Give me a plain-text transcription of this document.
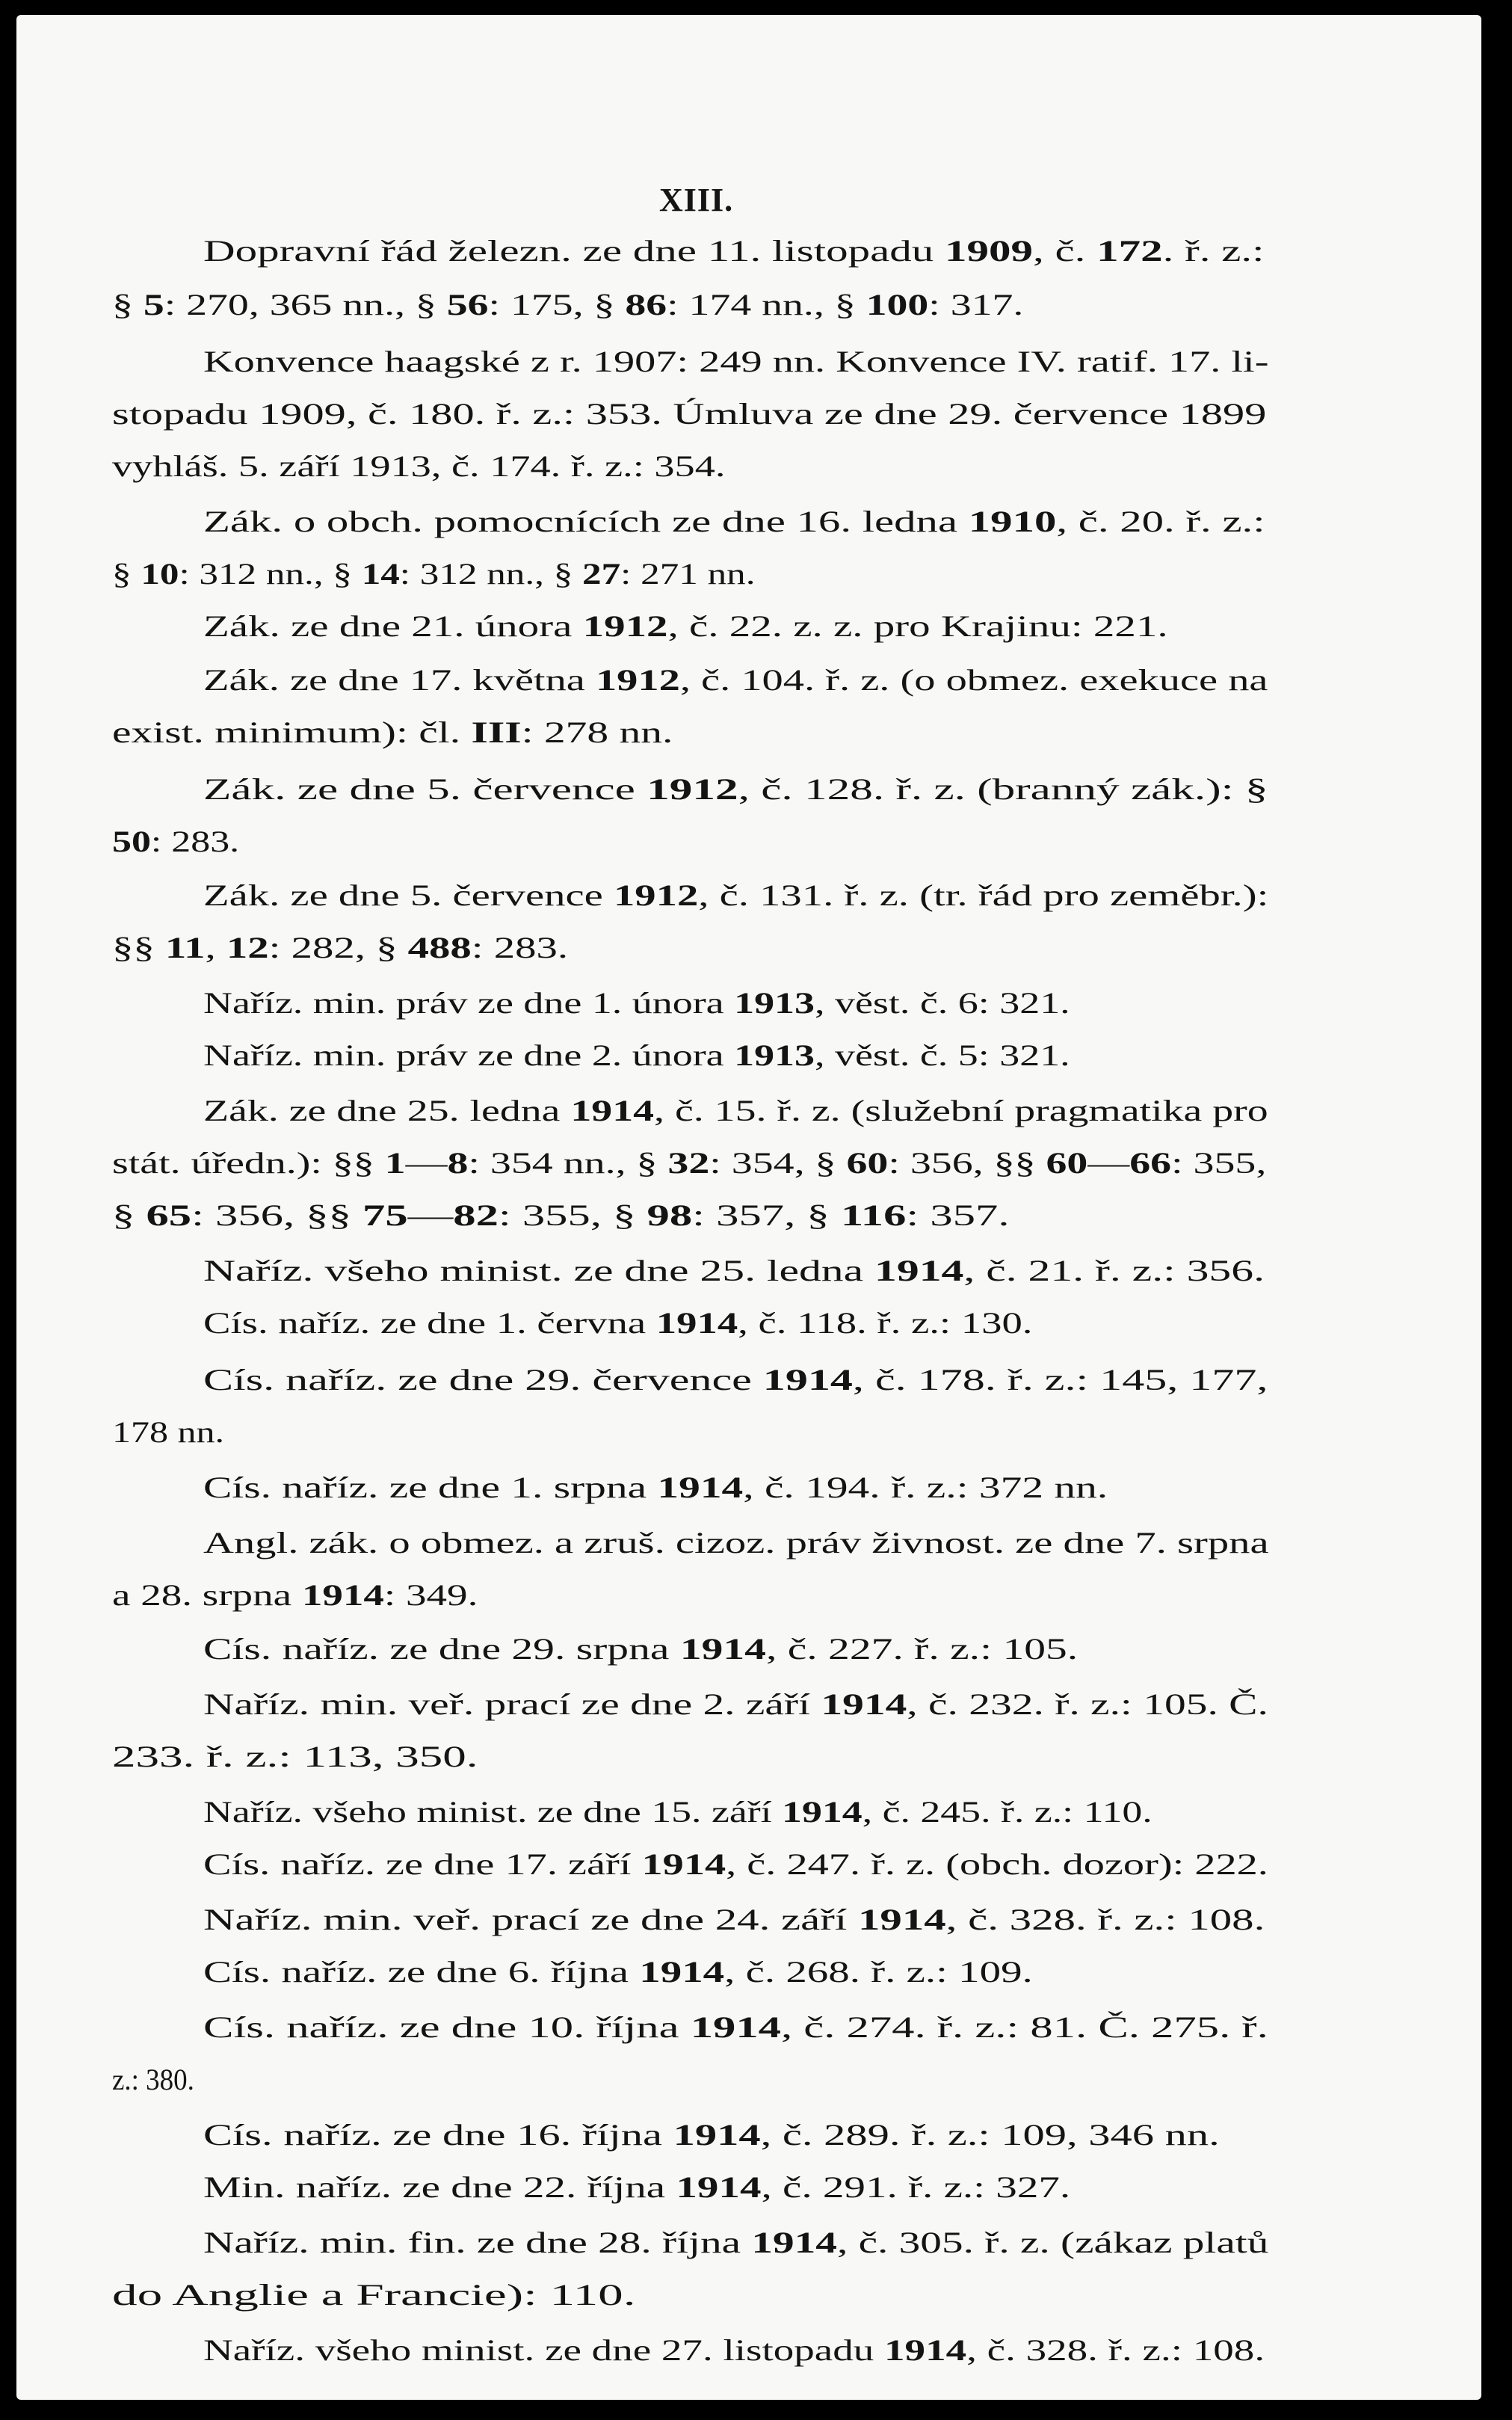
XIII.
Dopravní řád železn. ze dne 11. listopadu 1909, č. 172. ř. z.:
§ 5: 270, 365 nn., § 56: 175, § 86: 174 nn., § 100: 317.
Konvence haagské z r. 1907: 249 nn. Konvence IV. ratif. 17. li-
stopadu 1909, č. 180. ř. z.: 353. Úmluva ze dne 29. července 1899
vyhláš. 5. září 1913, č. 174. ř. z.: 354.
Zák. o obch. pomocnících ze dne 16. ledna 1910, č. 20. ř. z.:
§ 10: 312 nn., § 14: 312 nn., § 27: 271 nn.
Zák. ze dne 21. února 1912, č. 22. z. z. pro Krajinu: 221.
Zák. ze dne 17. května 1912, č. 104. ř. z. (o obmez. exekuce na
exist. minimum): čl. III: 278 nn.
Zák. ze dne 5. července 1912, č. 128. ř. z. (branný zák.): §
50: 283.
Zák. ze dne 5. července 1912, č. 131. ř. z. (tr. řád pro zeměbr.):
§§ 11, 12: 282, § 488: 283.
Naříz. min. práv ze dne 1. února 1913, věst. č. 6: 321.
Naříz. min. práv ze dne 2. února 1913, věst. č. 5: 321.
Zák. ze dne 25. ledna 1914, č. 15. ř. z. (služební pragmatika pro
stát. úředn.): §§ 1—8: 354 nn., § 32: 354, § 60: 356, §§ 60—66: 355,
§ 65: 356, §§ 75—82: 355, § 98: 357, § 116: 357.
Naříz. všeho minist. ze dne 25. ledna 1914, č. 21. ř. z.: 356.
Cís. naříz. ze dne 1. června 1914, č. 118. ř. z.: 130.
Cís. naříz. ze dne 29. července 1914, č. 178. ř. z.: 145, 177,
178 nn.
Cís. naříz. ze dne 1. srpna 1914, č. 194. ř. z.: 372 nn.
Angl. zák. o obmez. a zruš. cizoz. práv živnost. ze dne 7. srpna
a 28. srpna 1914: 349.
Cís. naříz. ze dne 29. srpna 1914, č. 227. ř. z.: 105.
Naříz. min. veř. prací ze dne 2. září 1914, č. 232. ř. z.: 105. Č.
233. ř. z.: 113, 350.
Naříz. všeho minist. ze dne 15. září 1914, č. 245. ř. z.: 110.
Cís. naříz. ze dne 17. září 1914, č. 247. ř. z. (obch. dozor): 222.
Naříz. min. veř. prací ze dne 24. září 1914, č. 328. ř. z.: 108.
Cís. naříz. ze dne 6. října 1914, č. 268. ř. z.: 109.
Cís. naříz. ze dne 10. října 1914, č. 274. ř. z.: 81. Č. 275. ř.
z.: 380.
Cís. naříz. ze dne 16. října 1914, č. 289. ř. z.: 109, 346 nn.
Min. naříz. ze dne 22. října 1914, č. 291. ř. z.: 327.
Naříz. min. fin. ze dne 28. října 1914, č. 305. ř. z. (zákaz platů
do Anglie a Francie): 110.
Naříz. všeho minist. ze dne 27. listopadu 1914, č. 328. ř. z.: 108.
